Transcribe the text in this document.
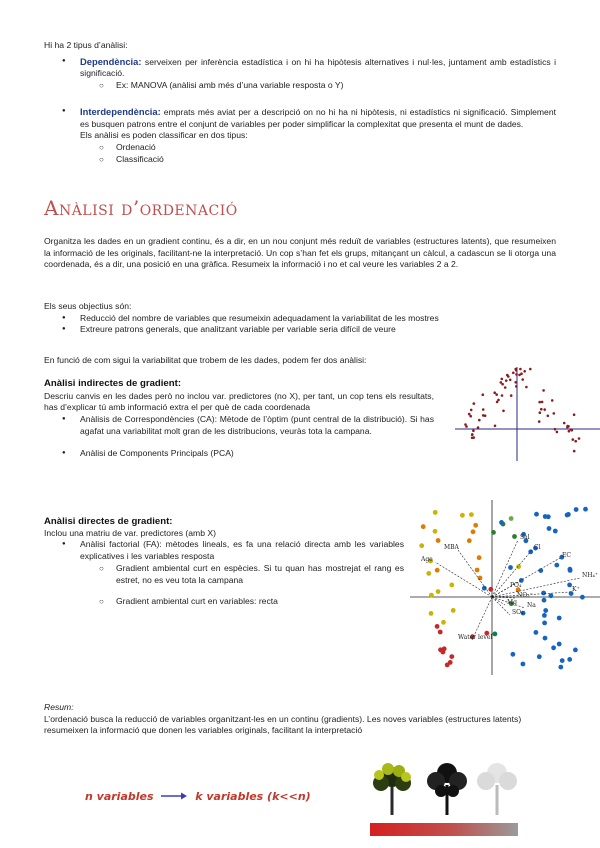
Hi ha 2 tipus d’anàlisi:

● Dependència: serveixen per inferència estadística i on hi ha hipòtesis alternatives i nul·les, juntament amb estadístics i significació.
○ Ex: MANOVA (anàlisi amb més d’una variable resposta o Y)
● Interdependència: emprats més aviat per a descripció on no hi ha ni hipòtesis, ni estadístics ni significació. Simplement es busquen patrons entre el conjunt de variables per poder simplificar la complexitat que presenta el munt de dades.

Els anàlisi es poden classificar en dos tipus:

○ Ordenació
○ Classificació
Anàlisi d’ordenació

Organitza les dades en un gradient continu, és a dir, en un nou conjunt més reduït de variables (estructures latents), que resumeixen la informació de les originals, facilitant-ne la interpretació. Un cop s’han fet els grups, mitançant un càlcul, a cadascun se li otorga una coordenada, és a dir, una posició en una gràfica. Resumeix la informació i no et cal veure les variables 2 a 2.

Els seus objectius són:

● Reducció del nombre de variables que resumeixin adequadament la variabilitat de les mostres
● Extreure patrons generals, que analitzant variable per variable seria difícil de veure

En funció de com sigui la variabilitat que trobem de les dades, podem fer dos anàlisi:

Anàlisi indirectes de gradient:

Descriu canvis en les dades però no inclou var. predictores (no X), per tant, un cop tens els resultats, has d’explicar tú amb informació extra el per què de cada coordenada

● Anàlisis de Correspondències (CA): Mètode de l’òptim (punt central de la distribució). Si has agafat una variabilitat molt gran de les distribucions, veuràs tota la campana.
● Anàlisi de Components Principals (PCA)

Anàlisi directes de gradient:

Inclou una matriu de var. predictores (amb X)

● Anàlisi factorial (FA): mètodes lineals, es fa una relació directa amb les variables explicatives i les variables resposta
○ Gradient ambiental curt en espècies. Si tu quan has mostrejat el rang es estret, no es veu tota la campana
○ Gradient ambiental curt en variables: recta
Age
MBA
Sal
Cl
EC
NH₄⁺
K⁺
NO₃⁻
Water level
PO₄
SO₄
Mg Na

Resum:

L’ordenació busca la reducció de variables organitzant-les en un continu (gradients). Les noves variables (estructures latents) resumeixen la informació que donen les variables originals, facilitant la interpretació

n variables	k variables (k<<n)
